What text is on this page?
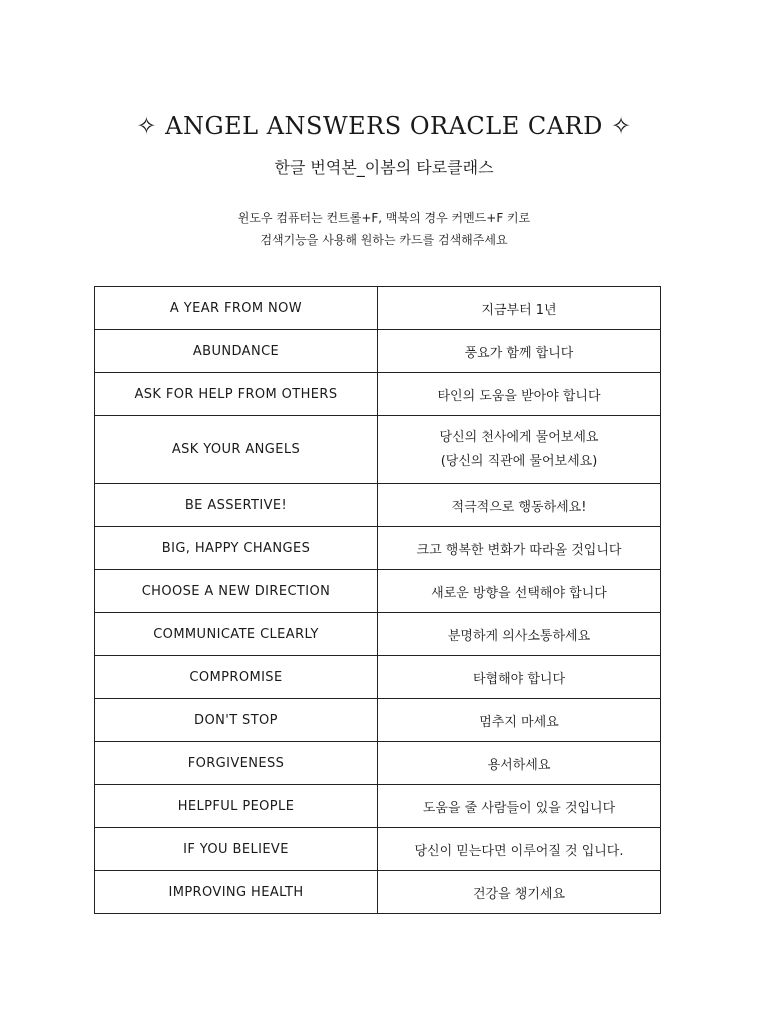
✧ ANGEL ANSWERS ORACLE CARD ✧
한글 번역본_이봄의 타로클래스
윈도우 컴퓨터는 컨트롤+F, 맥북의 경우 커멘드+F 키로
검색기능을 사용해 원하는 카드를 검색해주세요
A YEAR FROM NOW	지금부터 1년
ABUNDANCE	풍요가 함께 합니다
ASK FOR HELP FROM OTHERS	타인의 도움을 받아야 합니다
ASK YOUR ANGELS	당신의 천사에게 물어보세요
(당신의 직관에 물어보세요)

BE ASSERTIVE!	적극적으로 행동하세요!
BIG, HAPPY CHANGES	크고 행복한 변화가 따라올 것입니다
CHOOSE A NEW DIRECTION	새로운 방향을 선택해야 합니다
COMMUNICATE CLEARLY	분명하게 의사소통하세요
COMPROMISE	타협해야 합니다
DON'T STOP	멈추지 마세요
FORGIVENESS	용서하세요
HELPFUL PEOPLE	도움을 줄 사람들이 있을 것입니다
IF YOU BELIEVE	당신이 믿는다면 이루어질 것 입니다.
IMPROVING HEALTH	건강을 챙기세요
